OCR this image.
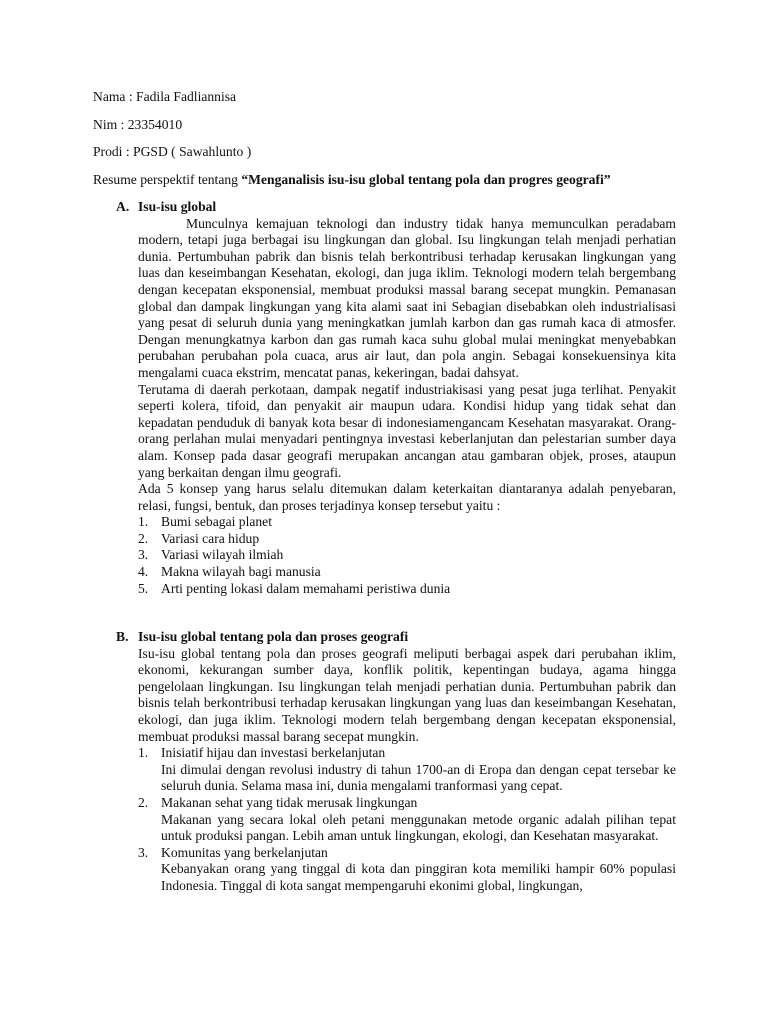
Nama : Fadila Fadliannisa
Nim : 23354010
Prodi : PGSD ( Sawahlunto )
Resume perspektif tentang “Menganalisis isu-isu global tentang pola dan progres geografi”
A. Isu-isu global

Munculnya kemajuan teknologi dan industry tidak hanya memunculkan peradabam modern, tetapi juga berbagai isu lingkungan dan global. Isu lingkungan telah menjadi perhatian dunia. Pertumbuhan pabrik dan bisnis telah berkontribusi terhadap kerusakan lingkungan yang luas dan keseimbangan Kesehatan, ekologi, dan juga iklim. Teknologi modern telah bergembang dengan kecepatan eksponensial, membuat produksi massal barang secepat mungkin. Pemanasan global dan dampak lingkungan yang kita alami saat ini Sebagian disebabkan oleh industrialisasi yang pesat di seluruh dunia yang meningkatkan jumlah karbon dan gas rumah kaca di atmosfer. Dengan menungkatnya karbon dan gas rumah kaca suhu global mulai meningkat menyebabkan perubahan perubahan pola cuaca, arus air laut, dan pola angin. Sebagai konsekuensinya kita mengalami cuaca ekstrim, mencatat panas, kekeringan, badai dahsyat.

Terutama di daerah perkotaan, dampak negatif industriakisasi yang pesat juga terlihat. Penyakit seperti kolera, tifoid, dan penyakit air maupun udara. Kondisi hidup yang tidak sehat dan kepadatan penduduk di banyak kota besar di indonesiamengancam Kesehatan masyarakat. Orang-orang perlahan mulai menyadari pentingnya investasi keberlanjutan dan pelestarian sumber daya alam. Konsep pada dasar geografi merupakan ancangan atau gambaran objek, proses, ataupun yang berkaitan dengan ilmu geografi.

Ada 5 konsep yang harus selalu ditemukan dalam keterkaitan diantaranya adalah penyebaran, relasi, fungsi, bentuk, dan proses terjadinya konsep tersebut yaitu :

1. Bumi sebagai planet
2. Variasi cara hidup
3. Variasi wilayah ilmiah
4. Makna wilayah bagi manusia
5. Arti penting lokasi dalam memahami peristiwa dunia
B. Isu-isu global tentang pola dan proses geografi

Isu-isu global tentang pola dan proses geografi meliputi berbagai aspek dari perubahan iklim, ekonomi, kekurangan sumber daya, konflik politik, kepentingan budaya, agama hingga pengelolaan lingkungan. Isu lingkungan telah menjadi perhatian dunia. Pertumbuhan pabrik dan bisnis telah berkontribusi terhadap kerusakan lingkungan yang luas dan keseimbangan Kesehatan, ekologi, dan juga iklim. Teknologi modern telah bergembang dengan kecepatan eksponensial, membuat produksi massal barang secepat mungkin.

1. Inisiatif hijau dan investasi berkelanjutan
Ini dimulai dengan revolusi industry di tahun 1700-an di Eropa dan dengan cepat tersebar ke seluruh dunia. Selama masa ini, dunia mengalami tranformasi yang cepat.
2. Makanan sehat yang tidak merusak lingkungan
Makanan yang secara lokal oleh petani menggunakan metode organic adalah pilihan tepat untuk produksi pangan. Lebih aman untuk lingkungan, ekologi, dan Kesehatan masyarakat.
3. Komunitas yang berkelanjutan
Kebanyakan orang yang tinggal di kota dan pinggiran kota memiliki hampir 60% populasi Indonesia. Tinggal di kota sangat mempengaruhi ekonimi global, lingkungan,
